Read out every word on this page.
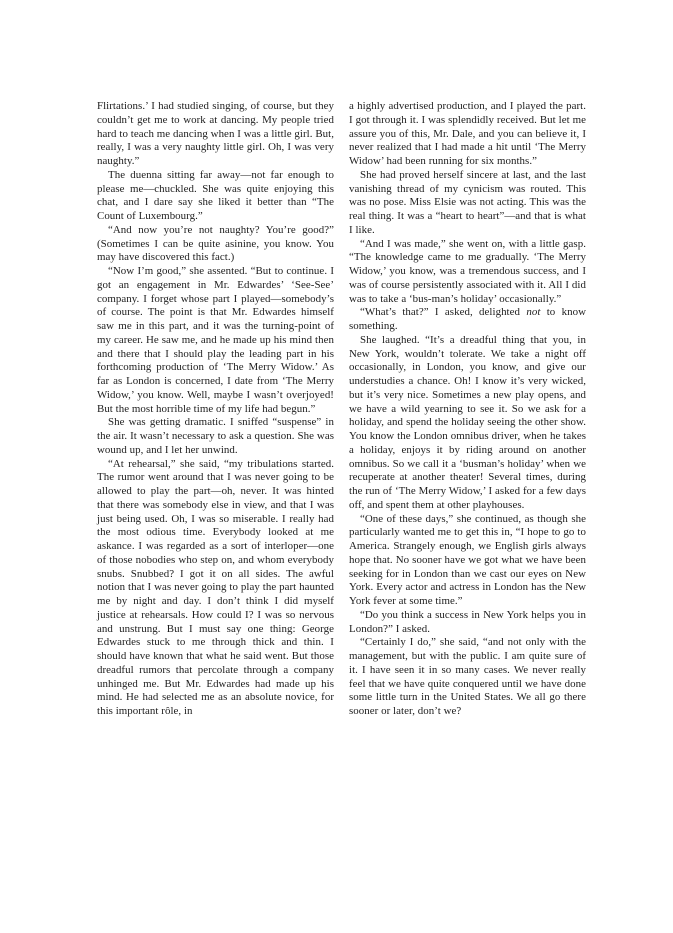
Flirtations.’ I had studied singing, of course, but they couldn’t get me to work at dancing. My people tried hard to teach me dancing when I was a little girl. But, really, I was a very naughty little girl. Oh, I was very naughty.”

The duenna sitting far away—not far enough to please me—chuckled. She was quite enjoying this chat, and I dare say she liked it better than “The Count of Luxembourg.”

“And now you’re not naughty? You’re good?” (Sometimes I can be quite asinine, you know. You may have discovered this fact.)

“Now I’m good,” she assented. “But to continue. I got an engagement in Mr. Edwardes’ ‘See-See’ company. I forget whose part I played—somebody’s of course. The point is that Mr. Edwardes himself saw me in this part, and it was the turning-point of my career. He saw me, and he made up his mind then and there that I should play the leading part in his forthcoming production of ‘The Merry Widow.’ As far as London is concerned, I date from ‘The Merry Widow,’ you know. Well, maybe I wasn’t overjoyed! But the most horrible time of my life had begun.”

She was getting dramatic. I sniffed “suspense” in the air. It wasn’t necessary to ask a question. She was wound up, and I let her unwind.

“At rehearsal,” she said, “my tribulations started. The rumor went around that I was never going to be allowed to play the part—oh, never. It was hinted that there was somebody else in view, and that I was just being used. Oh, I was so miserable. I really had the most odious time. Everybody looked at me askance. I was regarded as a sort of interloper—one of those nobodies who step on, and whom everybody snubs. Snubbed? I got it on all sides. The awful notion that I was never going to play the part haunted me by night and day. I don’t think I did myself justice at rehearsals. How could I? I was so nervous and unstrung. But I must say one thing: George Edwardes stuck to me through thick and thin. I should have known that what he said went. But those dreadful rumors that percolate through a company unhinged me. But Mr. Edwardes had made up his mind. He had selected me as an absolute novice, for this important rôle, in

a highly advertised production, and I played the part. I got through it. I was splendidly received. But let me assure you of this, Mr. Dale, and you can believe it, I never realized that I had made a hit until ‘The Merry Widow’ had been running for six months.”

She had proved herself sincere at last, and the last vanishing thread of my cynicism was routed. This was no pose. Miss Elsie was not acting. This was the real thing. It was a “heart to heart”—and that is what I like.

“And I was made,” she went on, with a little gasp. “The knowledge came to me gradually. ‘The Merry Widow,’ you know, was a tremendous success, and I was of course persistently associated with it. All I did was to take a ‘bus-man’s holiday’ occasionally.”

“What’s that?” I asked, delighted not to know something.

She laughed. “It’s a dreadful thing that you, in New York, wouldn’t tolerate. We take a night off occasionally, in London, you know, and give our understudies a chance. Oh! I know it’s very wicked, but it’s very nice. Sometimes a new play opens, and we have a wild yearning to see it. So we ask for a holiday, and spend the holiday seeing the other show. You know the London omnibus driver, when he takes a holiday, enjoys it by riding around on another omnibus. So we call it a ‘busman’s holiday’ when we recuperate at another theater! Several times, during the run of ‘The Merry Widow,’ I asked for a few days off, and spent them at other playhouses.

“One of these days,” she continued, as though she particularly wanted me to get this in, “I hope to go to America. Strangely enough, we English girls always hope that. No sooner have we got what we have been seeking for in London than we cast our eyes on New York. Every actor and actress in London has the New York fever at some time.”

“Do you think a success in New York helps you in London?” I asked.

“Certainly I do,” she said, “and not only with the management, but with the public. I am quite sure of it. I have seen it in so many cases. We never really feel that we have quite conquered until we have done some little turn in the United States. We all go there sooner or later, don’t we?
